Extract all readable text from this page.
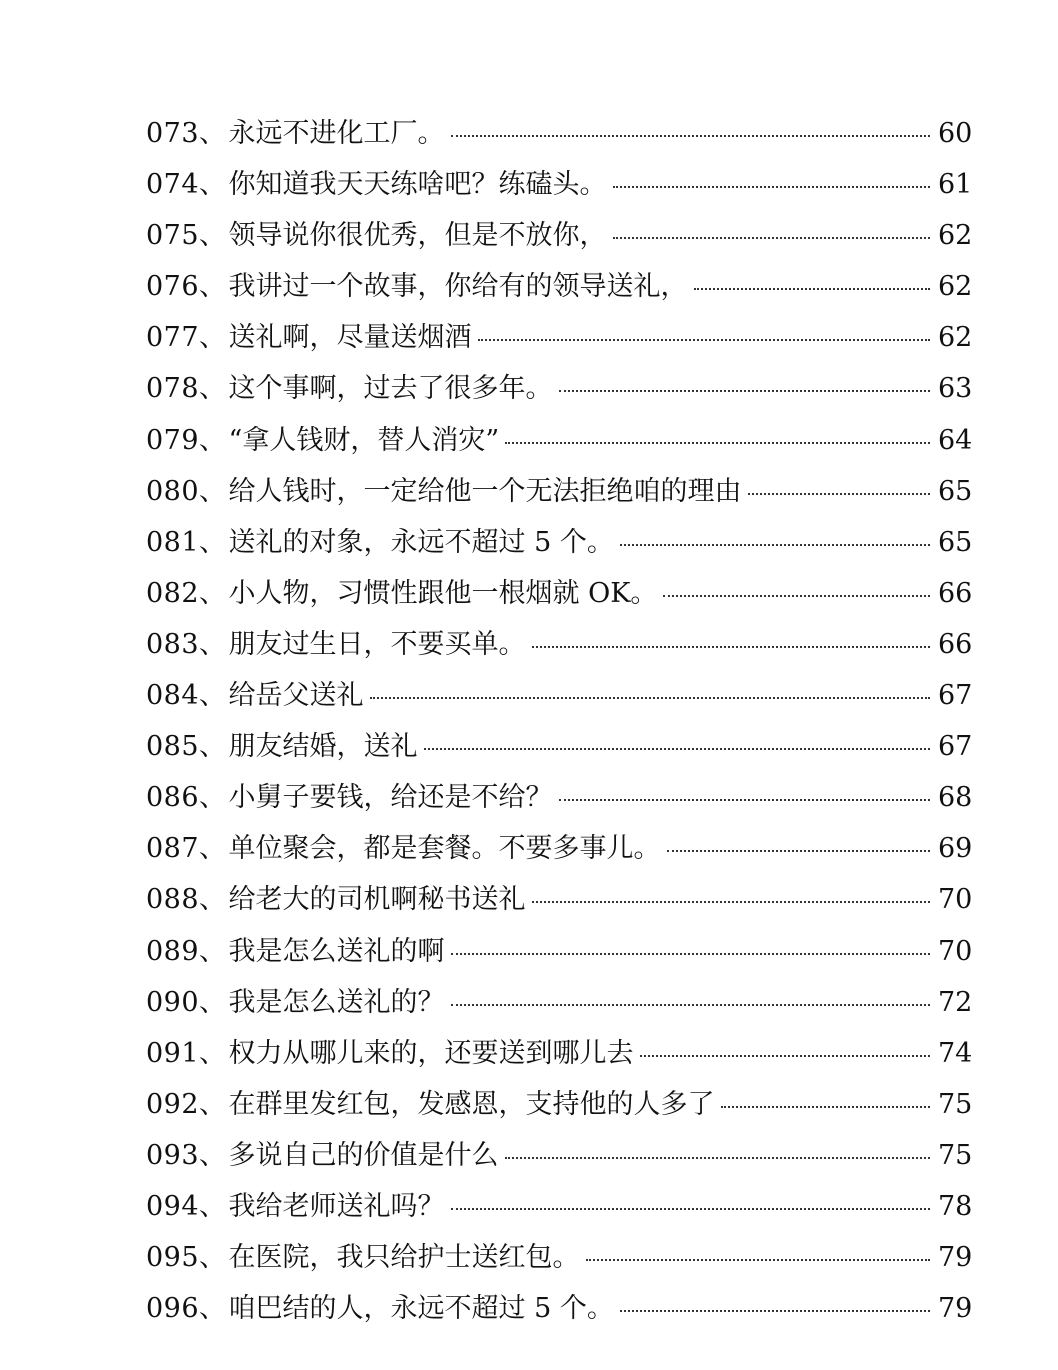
073、 永远不进化工厂。	60
074、 你知道我天天练啥吧？练磕头。	61
075、 领导说你很优秀，但是不放你，	62
076、 我讲过一个故事，你给有的领导送礼，	62
077、 送礼啊，尽量送烟酒	62
078、 这个事啊，过去了很多年。	63
079、 “拿人钱财，替人消灾”	64
080、 给人钱时，一定给他一个无法拒绝咱的理由	65
081、 送礼的对象，永远不超过 5 个。	65
082、 小人物，习惯性跟他一根烟就 OK。	66
083、 朋友过生日，不要买单。	66
084、 给岳父送礼	67
085、 朋友结婚，送礼	67
086、 小舅子要钱，给还是不给？	68
087、 单位聚会，都是套餐。不要多事儿。	69
088、 给老大的司机啊秘书送礼	70
089、 我是怎么送礼的啊	70
090、 我是怎么送礼的？	72
091、 权力从哪儿来的，还要送到哪儿去	74
092、 在群里发红包，发感恩，支持他的人多了	75
093、 多说自己的价值是什么	75
094、 我给老师送礼吗？	78
095、 在医院，我只给护士送红包。	79
096、 咱巴结的人，永远不超过 5 个。	79
